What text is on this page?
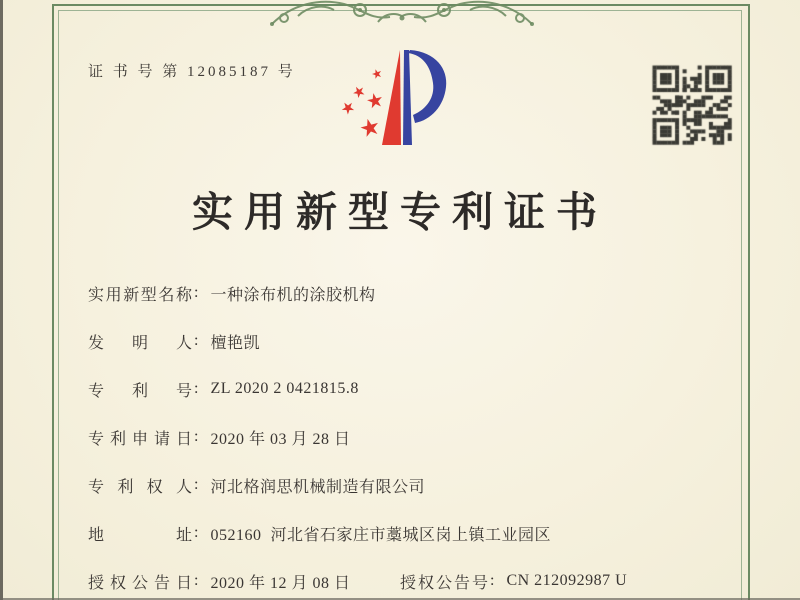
证 书 号 第 12085187 号
实用新型专利证书
实用新型名称 : 一种涂布机的涂胶机构
发明人 : 檀艳凯
专利号 : ZL 2020 2 0421815.8
专利申请日 : 2020 年 03 月 28 日
专利权人 : 河北格润思机械制造有限公司
地址 : 052160  河北省石家庄市藁城区岗上镇工业园区
授权公告日 : 2020 年 12 月 08 日	授权公告号 : CN 212092987 U
